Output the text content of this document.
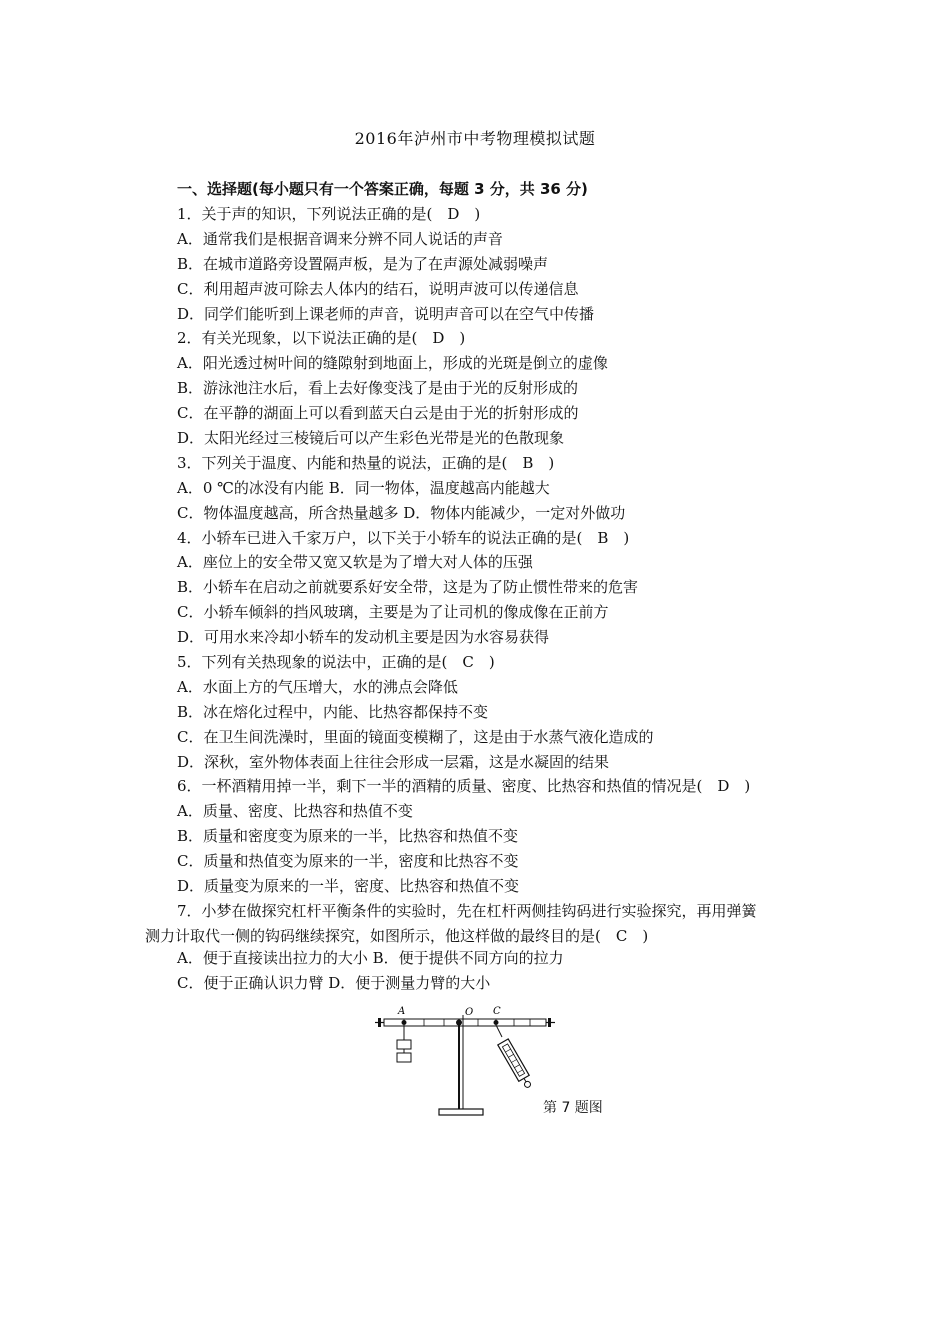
2016年泸州市中考物理模拟试题
一、选择题(每小题只有一个答案正确，每题 3 分，共 36 分)
1．关于声的知识，下列说法正确的是(　D　)
A．通常我们是根据音调来分辨不同人说话的声音
B．在城市道路旁设置隔声板，是为了在声源处减弱噪声
C．利用超声波可除去人体内的结石，说明声波可以传递信息
D．同学们能听到上课老师的声音，说明声音可以在空气中传播
2．有关光现象，以下说法正确的是(　D　)
A．阳光透过树叶间的缝隙射到地面上，形成的光斑是倒立的虚像
B．游泳池注水后，看上去好像变浅了是由于光的反射形成的
C．在平静的湖面上可以看到蓝天白云是由于光的折射形成的
D．太阳光经过三棱镜后可以产生彩色光带是光的色散现象
3．下列关于温度、内能和热量的说法，正确的是(　B　)
A．0 ℃的冰没有内能 B．同一物体，温度越高内能越大
C．物体温度越高，所含热量越多 D．物体内能减少，一定对外做功
4．小轿车已进入千家万户，以下关于小轿车的说法正确的是(　B　)
A．座位上的安全带又宽又软是为了增大对人体的压强
B．小轿车在启动之前就要系好安全带，这是为了防止惯性带来的危害
C．小轿车倾斜的挡风玻璃，主要是为了让司机的像成像在正前方
D．可用水来冷却小轿车的发动机主要是因为水容易获得
5．下列有关热现象的说法中，正确的是(　C　)
A．水面上方的气压增大，水的沸点会降低
B．冰在熔化过程中，内能、比热容都保持不变
C．在卫生间洗澡时，里面的镜面变模糊了，这是由于水蒸气液化造成的
D．深秋，室外物体表面上往往会形成一层霜，这是水凝固的结果
6．一杯酒精用掉一半，剩下一半的酒精的质量、密度、比热容和热值的情况是(　D　)
A．质量、密度、比热容和热值不变
B．质量和密度变为原来的一半，比热容和热值不变
C．质量和热值变为原来的一半，密度和比热容不变
D．质量变为原来的一半，密度、比热容和热值不变
7．小梦在做探究杠杆平衡条件的实验时，先在杠杆两侧挂钩码进行实验探究，再用弹簧
测力计取代一侧的钩码继续探究，如图所示，他这样做的最终目的是(　C　)
A．便于直接读出拉力的大小 B．便于提供不同方向的拉力
C．便于正确认识力臂 D．便于测量力臂的大小
A	O C
第 7 题图
